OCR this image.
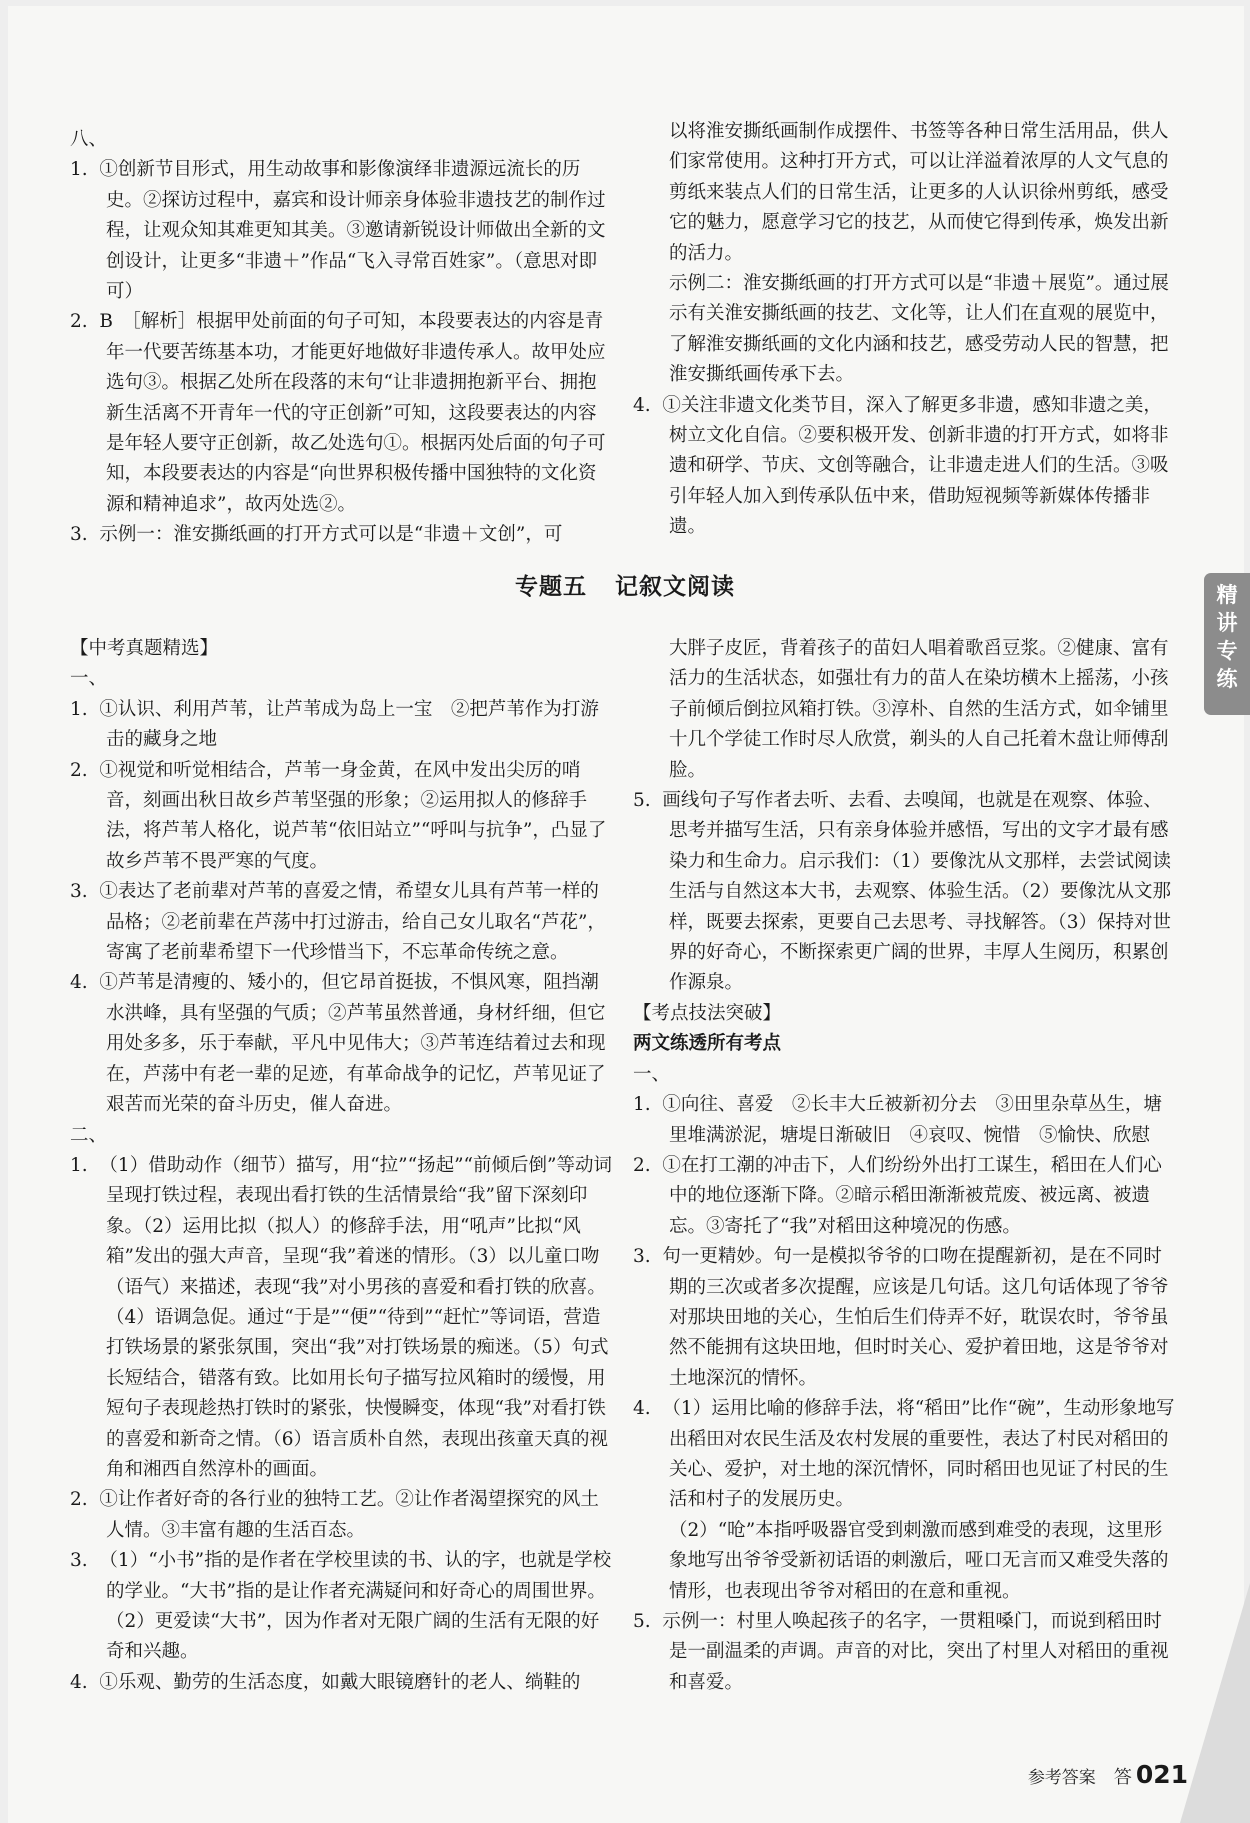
八、

1. ①创新节目形式，用生动故事和影像演绎非遗源远流长的历史。②探访过程中，嘉宾和设计师亲身体验非遗技艺的制作过程，让观众知其难更知其美。③邀请新锐设计师做出全新的文创设计，让更多“非遗＋”作品“飞入寻常百姓家”。（意思对即可）

2. B　［解析］根据甲处前面的句子可知，本段要表达的内容是青年一代要苦练基本功，才能更好地做好非遗传承人。故甲处应选句③。根据乙处所在段落的末句“让非遗拥抱新平台、拥抱新生活离不开青年一代的守正创新”可知，这段要表达的内容是年轻人要守正创新，故乙处选句①。根据丙处后面的句子可知，本段要表达的内容是“向世界积极传播中国独特的文化资源和精神追求”，故丙处选②。

3. 示例一：淮安撕纸画的打开方式可以是“非遗＋文创”，可

以将淮安撕纸画制作成摆件、书签等各种日常生活用品，供人们家常使用。这种打开方式，可以让洋溢着浓厚的人文气息的剪纸来装点人们的日常生活，让更多的人认识徐州剪纸，感受它的魅力，愿意学习它的技艺，从而使它得到传承，焕发出新的活力。

示例二：淮安撕纸画的打开方式可以是“非遗＋展览”。通过展示有关淮安撕纸画的技艺、文化等，让人们在直观的展览中，了解淮安撕纸画的文化内涵和技艺，感受劳动人民的智慧，把淮安撕纸画传承下去。

4. ①关注非遗文化类节目，深入了解更多非遗，感知非遗之美，树立文化自信。②要积极开发、创新非遗的打开方式，如将非遗和研学、节庆、文创等融合，让非遗走进人们的生活。③吸引年轻人加入到传承队伍中来，借助短视频等新媒体传播非遗。

专题五 记叙文阅读	精讲专练

【中考真题精选】

一、

1. ①认识、利用芦苇，让芦苇成为岛上一宝　②把芦苇作为打游击的藏身之地

2. ①视觉和听觉相结合，芦苇一身金黄，在风中发出尖厉的哨音，刻画出秋日故乡芦苇坚强的形象；②运用拟人的修辞手法，将芦苇人格化，说芦苇“依旧站立”“呼叫与抗争”，凸显了故乡芦苇不畏严寒的气度。

3. ①表达了老前辈对芦苇的喜爱之情，希望女儿具有芦苇一样的品格；②老前辈在芦荡中打过游击，给自己女儿取名“芦花”，寄寓了老前辈希望下一代珍惜当下，不忘革命传统之意。

4. ①芦苇是清瘦的、矮小的，但它昂首挺拔，不惧风寒，阻挡潮水洪峰，具有坚强的气质；②芦苇虽然普通，身材纤细，但它用处多多，乐于奉献，平凡中见伟大；③芦苇连结着过去和现在，芦荡中有老一辈的足迹，有革命战争的记忆，芦苇见证了艰苦而光荣的奋斗历史，催人奋进。

二、

1. （1）借助动作（细节）描写，用“拉”“扬起”“前倾后倒”等动词呈现打铁过程，表现出看打铁的生活情景给“我”留下深刻印象。（2）运用比拟（拟人）的修辞手法，用“吼声”比拟“风箱”发出的强大声音，呈现“我”着迷的情形。（3）以儿童口吻（语气）来描述，表现“我”对小男孩的喜爱和看打铁的欣喜。（4）语调急促。通过“于是”“便”“待到”“赶忙”等词语，营造打铁场景的紧张氛围，突出“我”对打铁场景的痴迷。（5）句式长短结合，错落有致。比如用长句子描写拉风箱时的缓慢，用短句子表现趁热打铁时的紧张，快慢瞬变，体现“我”对看打铁的喜爱和新奇之情。（6）语言质朴自然，表现出孩童天真的视角和湘西自然淳朴的画面。

2. ①让作者好奇的各行业的独特工艺。②让作者渴望探究的风土人情。③丰富有趣的生活百态。

3. （1）“小书”指的是作者在学校里读的书、认的字，也就是学校的学业。“大书”指的是让作者充满疑问和好奇心的周围世界。（2）更爱读“大书”，因为作者对无限广阔的生活有无限的好奇和兴趣。

4. ①乐观、勤劳的生活态度，如戴大眼镜磨针的老人、绱鞋的

大胖子皮匠，背着孩子的苗妇人唱着歌舀豆浆。②健康、富有活力的生活状态，如强壮有力的苗人在染坊横木上摇荡，小孩子前倾后倒拉风箱打铁。③淳朴、自然的生活方式，如伞铺里十几个学徒工作时尽人欣赏，剃头的人自己托着木盘让师傅刮脸。

5. 画线句子写作者去听、去看、去嗅闻，也就是在观察、体验、思考并描写生活，只有亲身体验并感悟，写出的文字才最有感染力和生命力。启示我们：（1）要像沈从文那样，去尝试阅读生活与自然这本大书，去观察、体验生活。（2）要像沈从文那样，既要去探索，更要自己去思考、寻找解答。（3）保持对世界的好奇心，不断探索更广阔的世界，丰厚人生阅历，积累创作源泉。

【考点技法突破】

两文练透所有考点

一、

1. ①向往、喜爱　②长丰大丘被新初分去　③田里杂草丛生，塘里堆满淤泥，塘堤日渐破旧　④哀叹、惋惜　⑤愉快、欣慰

2. ①在打工潮的冲击下，人们纷纷外出打工谋生，稻田在人们心中的地位逐渐下降。②暗示稻田渐渐被荒废、被远离、被遗忘。③寄托了“我”对稻田这种境况的伤感。

3. 句一更精妙。句一是模拟爷爷的口吻在提醒新初，是在不同时期的三次或者多次提醒，应该是几句话。这几句话体现了爷爷对那块田地的关心，生怕后生们侍弄不好，耽误农时，爷爷虽然不能拥有这块田地，但时时关心、爱护着田地，这是爷爷对土地深沉的情怀。

4. （1）运用比喻的修辞手法，将“稻田”比作“碗”，生动形象地写出稻田对农民生活及农村发展的重要性，表达了村民对稻田的关心、爱护，对土地的深沉情怀，同时稻田也见证了村民的生活和村子的发展历史。

（2）“呛”本指呼吸器官受到刺激而感到难受的表现，这里形象地写出爷爷受新初话语的刺激后，哑口无言而又难受失落的情形，也表现出爷爷对稻田的在意和重视。

5. 示例一：村里人唤起孩子的名字，一贯粗嗓门，而说到稻田时是一副温柔的声调。声音的对比，突出了村里人对稻田的重视和喜爱。

参考答案 答 021
